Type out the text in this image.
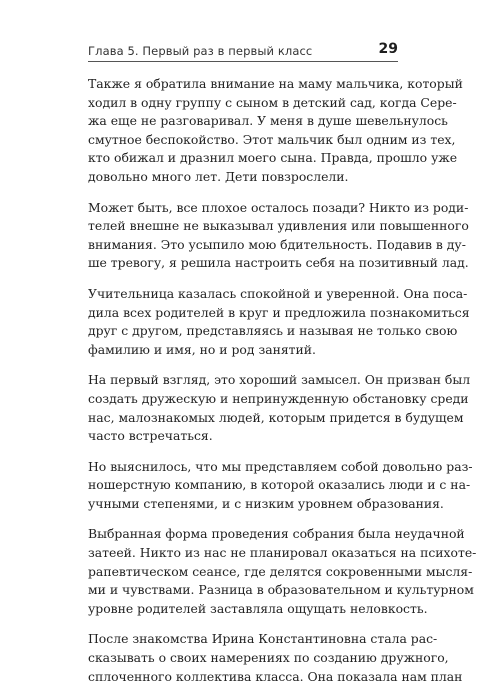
Глава 5. Первый раз в первый класс	29
Также я обратила внимание на маму мальчика, который
ходил в одну группу с сыном в детский сад, когда Сере-
жа еще не разговаривал. У меня в душе шевельнулось
смутное беспокойство. Этот мальчик был одним из тех,
кто обижал и дразнил моего сына. Правда, прошло уже
довольно много лет. Дети повзрослели.
Может быть, все плохое осталось позади? Никто из роди-
телей внешне не выказывал удивления или повышенного
внимания. Это усыпило мою бдительность. Подавив в ду-
ше тревогу, я решила настроить себя на позитивный лад.
Учительница казалась спокойной и уверенной. Она поса-
дила всех родителей в круг и предложила познакомиться
друг с другом, представляясь и называя не только свою
фамилию и имя, но и род занятий.
На первый взгляд, это хороший замысел. Он призван был
создать дружескую и непринужденную обстановку среди
нас, малознакомых людей, которым придется в будущем
часто встречаться.
Но выяснилось, что мы представляем собой довольно раз-
ношерстную компанию, в которой оказались люди и с на-
учными степенями, и с низким уровнем образования.
Выбранная форма проведения собрания была неудачной
затеей. Никто из нас не планировал оказаться на психоте-
рапевтическом сеансе, где делятся сокровенными мысля-
ми и чувствами. Разница в образовательном и культурном
уровне родителей заставляла ощущать неловкость.
После знакомства Ирина Константиновна стала рас-
сказывать о своих намерениях по созданию дружного,
сплоченного коллектива класса. Она показала нам план
